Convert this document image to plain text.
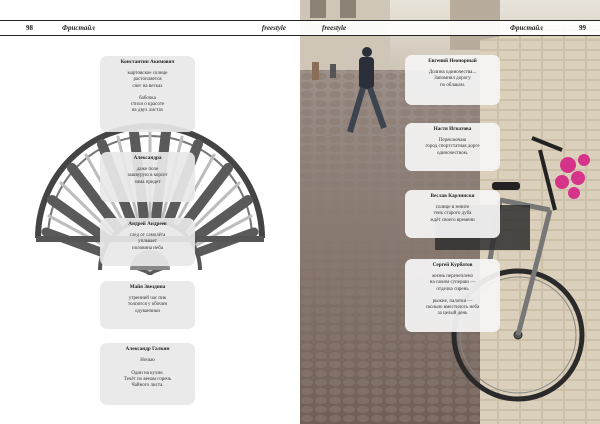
98	Фристайл	freestyle
Константин Акимович
мартовское солнце
растопляется
снег на ветках

бабочка
стихи о красоте
на двух листах
Александра
даже поле
зашвурую в корсет
зима придет
Андрей Андреев
след от самолёта
упльвает
половина неба
Майя Звездина
утренний час пик
толпятся у обочин
одуванчики
Александр Галкин
Ночью

Один на кухне.
Течёт по венам горечь
Чайного листа.
freestyle	Фристайл	99
Евгений Неонорный
Долина одиночества...
Запомнил дорогу
по облакам.
Настя Игнатова
Переключаю
город спортстатная дорге
одиночеством.
Веслав Карлински
солнце в зените
тень старого дуба
ждёт своего времени
Сергей Курбатов
жизнь перечеплено
на самом суперши —
отделка сирень

рыжие, палатки —
скольно вместилось неба
за целый день
